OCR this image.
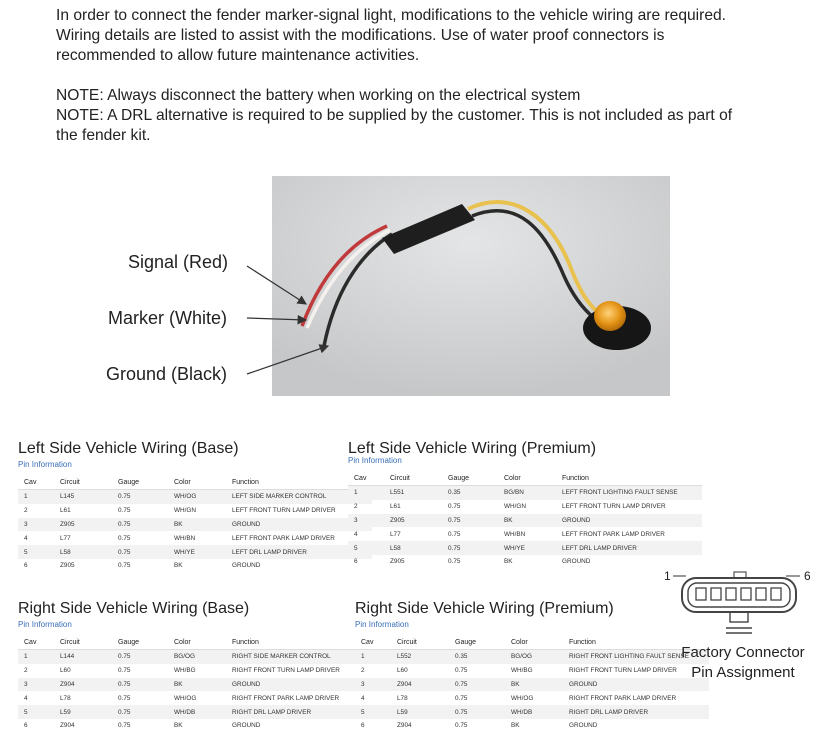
In order to connect the fender marker-signal light, modifications to the vehicle wiring are required. Wiring details are listed to assist with the modifications. Use of water proof connectors is recommended to allow future maintenance activities.

NOTE: Always disconnect the battery when working on the electrical system

NOTE: A DRL alternative is required to be supplied by the customer. This is not included as part of the fender kit.

Signal (Red)
Marker (White)
Ground (Black)
Left Side Vehicle Wiring (Base)
Pin Information
Cav	Circuit	Gauge	Color	Function
1	L145	0.75	WH/OG	LEFT SIDE MARKER CONTROL
2	L61	0.75	WH/GN	LEFT FRONT TURN LAMP DRIVER
3	Z905	0.75	BK	GROUND
4	L77	0.75	WH/BN	LEFT FRONT PARK LAMP DRIVER
5	L58	0.75	WH/YE	LEFT DRL LAMP DRIVER
6	Z905	0.75	BK	GROUND
Left Side Vehicle Wiring (Premium)
Pin Information
Cav	Circuit	Gauge	Color	Function
1	L551	0.35	BG/BN	LEFT FRONT LIGHTING FAULT SENSE
2	L61	0.75	WH/GN	LEFT FRONT TURN LAMP DRIVER
3	Z905	0.75	BK	GROUND
4	L77	0.75	WH/BN	LEFT FRONT PARK LAMP DRIVER
5	L58	0.75	WH/YE	LEFT DRL LAMP DRIVER
6	Z905	0.75	BK	GROUND
Right Side Vehicle Wiring (Base)
Pin Information
Cav	Circuit	Gauge	Color	Function
1	L144	0.75	BG/OG	RIGHT SIDE MARKER CONTROL
2	L60	0.75	WH/BG	RIGHT FRONT TURN LAMP DRIVER
3	Z904	0.75	BK	GROUND
4	L78	0.75	WH/OG	RIGHT FRONT PARK LAMP DRIVER
5	L59	0.75	WH/DB	RIGHT DRL LAMP DRIVER
6	Z904	0.75	BK	GROUND
Right Side Vehicle Wiring (Premium)
Pin Information
Cav	Circuit	Gauge	Color	Function
1	L552	0.35	BG/OG	RIGHT FRONT LIGHTING FAULT SENSE
2	L60	0.75	WH/BG	RIGHT FRONT TURN LAMP DRIVER
3	Z904	0.75	BK	GROUND
4	L78	0.75	WH/OG	RIGHT FRONT PARK LAMP DRIVER
5	L59	0.75	WH/DB	RIGHT DRL LAMP DRIVER
6	Z904	0.75	BK	GROUND
1	6
Factory Connector
Pin Assignment
